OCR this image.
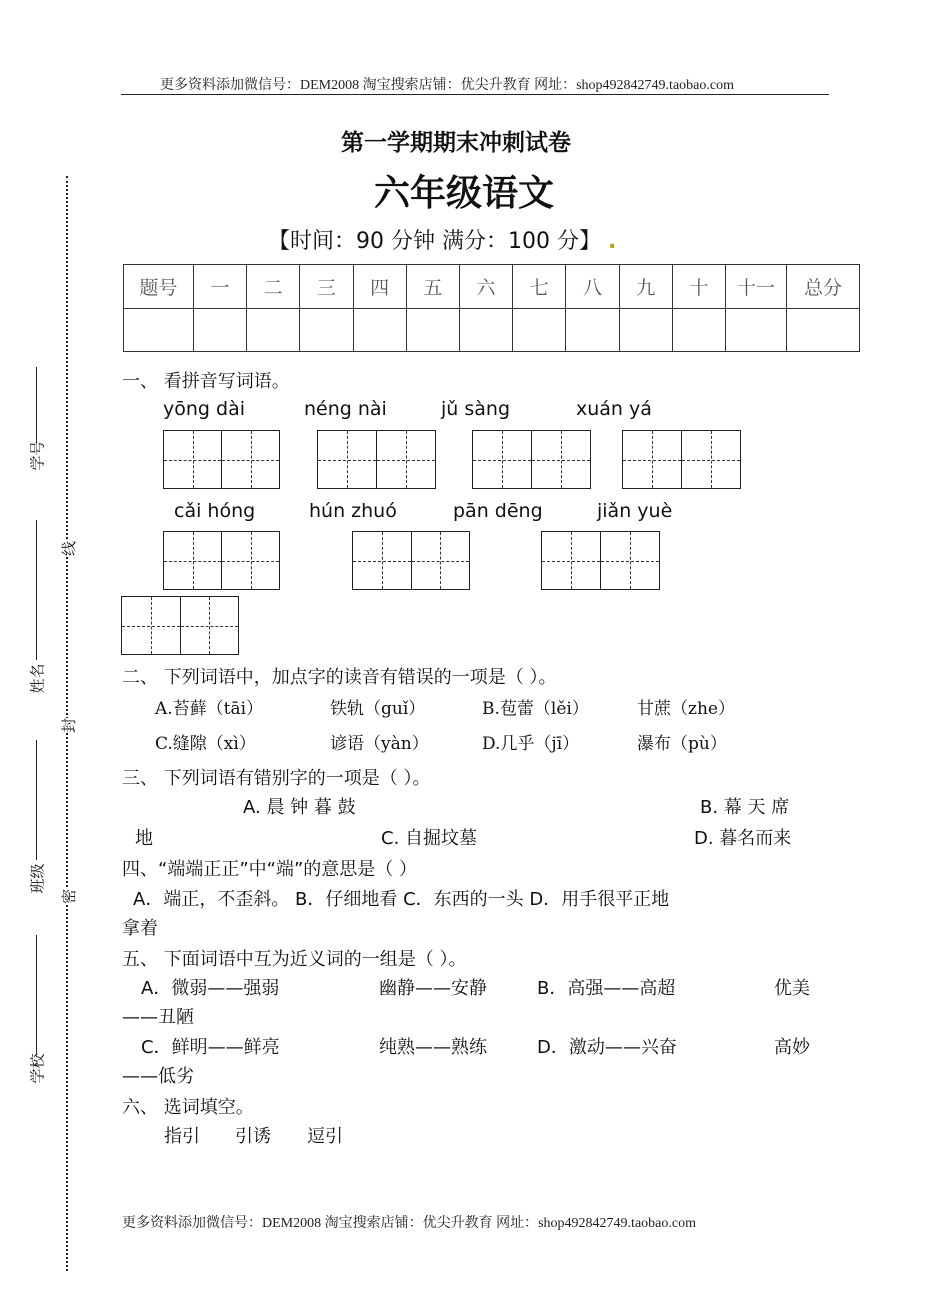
更多资料添加微信号：DEM2008 淘宝搜索店铺：优尖升教育 网址：shop492842749.taobao.com
学号
姓名
班级
学校
线
封
密
第一学期期末冲刺试卷
六年级语文
【时间：90 分钟 满分：100 分】 .
题号	一	二	三	四	五	六	七	八	九	十	十一	总分

一、 看拼音写词语。
yōng dài	néng nài	jǔ sàng	xuán yá
cǎi hóng	hún zhuó	pān dēng	jiǎn yuè
二、 下列词语中，加点字的读音有错误的一项是（ ）。
A.苔藓（tāi）	铁轨（guǐ）	B.苞蕾（lěi）	甘蔗（zhe）
C.缝隙（xì）	谚语（yàn）	D.几乎（jī）	瀑布（pù）
三、 下列词语有错别字的一项是（ ）。
A. 晨 钟 暮 鼓	B. 幕 天 席
地	C. 自掘坟墓	D. 暮名而来
四、“端端正正”中“端”的意思是（ ）
A．端正，不歪斜。 B．仔细地看 C．东西的一头 D．用手很平正地
拿着
五、 下面词语中互为近义词的一组是（ ）。
A．微弱——强弱	幽静——安静	B．高强——高超	优美
——丑陋
C．鲜明——鲜亮	纯熟——熟练	D．激动——兴奋	高妙
——低劣
六、 选词填空。
指引 引诱 逗引
更多资料添加微信号：DEM2008 淘宝搜索店铺：优尖升教育 网址：shop492842749.taobao.com
